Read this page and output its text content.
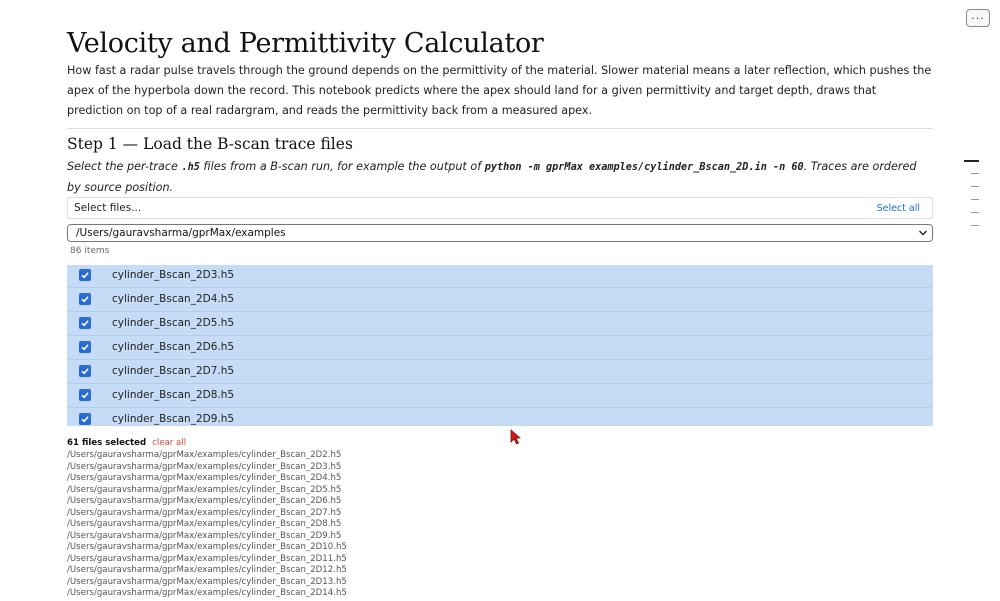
···
Velocity and Permittivity Calculator

How fast a radar pulse travels through the ground depends on the permittivity of the material. Slower material means a later reflection, which pushes the apex of the hyperbola down the record. This notebook predicts where the apex should land for a given permittivity and target depth, draws that prediction on top of a real radargram, and reads the permittivity back from a measured apex.

Step 1 — Load the B-scan trace files

Select the per-trace .h5 files from a B-scan run, for example the output of python -m gprMax examples/cylinder_Bscan_2D.in -n 60. Traces are ordered by source position.

Select files...	Select all
/Users/gauravsharma/gprMax/examples
86 items
cylinder_Bscan_2D3.h5
cylinder_Bscan_2D4.h5
cylinder_Bscan_2D5.h5
cylinder_Bscan_2D6.h5
cylinder_Bscan_2D7.h5
cylinder_Bscan_2D8.h5
cylinder_Bscan_2D9.h5
61 files selected clear all
/Users/gauravsharma/gprMax/examples/cylinder_Bscan_2D2.h5
/Users/gauravsharma/gprMax/examples/cylinder_Bscan_2D3.h5
/Users/gauravsharma/gprMax/examples/cylinder_Bscan_2D4.h5
/Users/gauravsharma/gprMax/examples/cylinder_Bscan_2D5.h5
/Users/gauravsharma/gprMax/examples/cylinder_Bscan_2D6.h5
/Users/gauravsharma/gprMax/examples/cylinder_Bscan_2D7.h5
/Users/gauravsharma/gprMax/examples/cylinder_Bscan_2D8.h5
/Users/gauravsharma/gprMax/examples/cylinder_Bscan_2D9.h5
/Users/gauravsharma/gprMax/examples/cylinder_Bscan_2D10.h5
/Users/gauravsharma/gprMax/examples/cylinder_Bscan_2D11.h5
/Users/gauravsharma/gprMax/examples/cylinder_Bscan_2D12.h5
/Users/gauravsharma/gprMax/examples/cylinder_Bscan_2D13.h5
/Users/gauravsharma/gprMax/examples/cylinder_Bscan_2D14.h5
